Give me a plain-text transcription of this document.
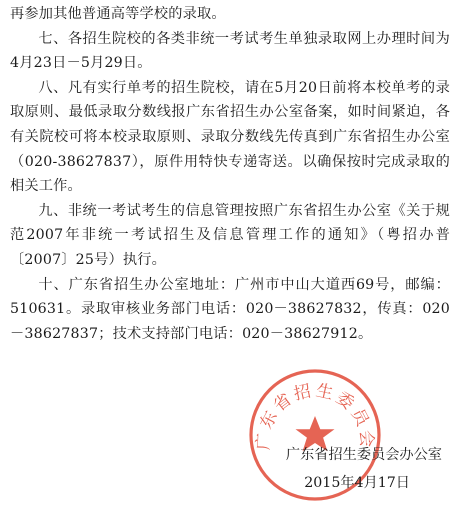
再参加其他普通高等学校的录取。

七、各招生院校的各类非统一考试考生单独录取网上办理时间为4月23日－5月29日。

八、凡有实行单考的招生院校，请在5月20日前将本校单考的录取原则、最低录取分数线报广东省招生办公室备案，如时间紧迫，各有关院校可将本校录取原则、录取分数线先传真到广东省招生办公室（020-38627837），原件用特快专递寄送。以确保按时完成录取的相关工作。

九、非统一考试考生的信息管理按照广东省招生办公室《关于规范2007年非统一考试招生及信息管理工作的通知》（粤招办普〔2007〕25号）执行。

十、广东省招生办公室地址：广州市中山大道西69号，邮编：510631。录取审核业务部门电话：020－38627832，传真：020－38627837；技术支持部门电话：020－38627912。

广东省招生委员会
广东省招生委员会办公室
2015年4月17日
